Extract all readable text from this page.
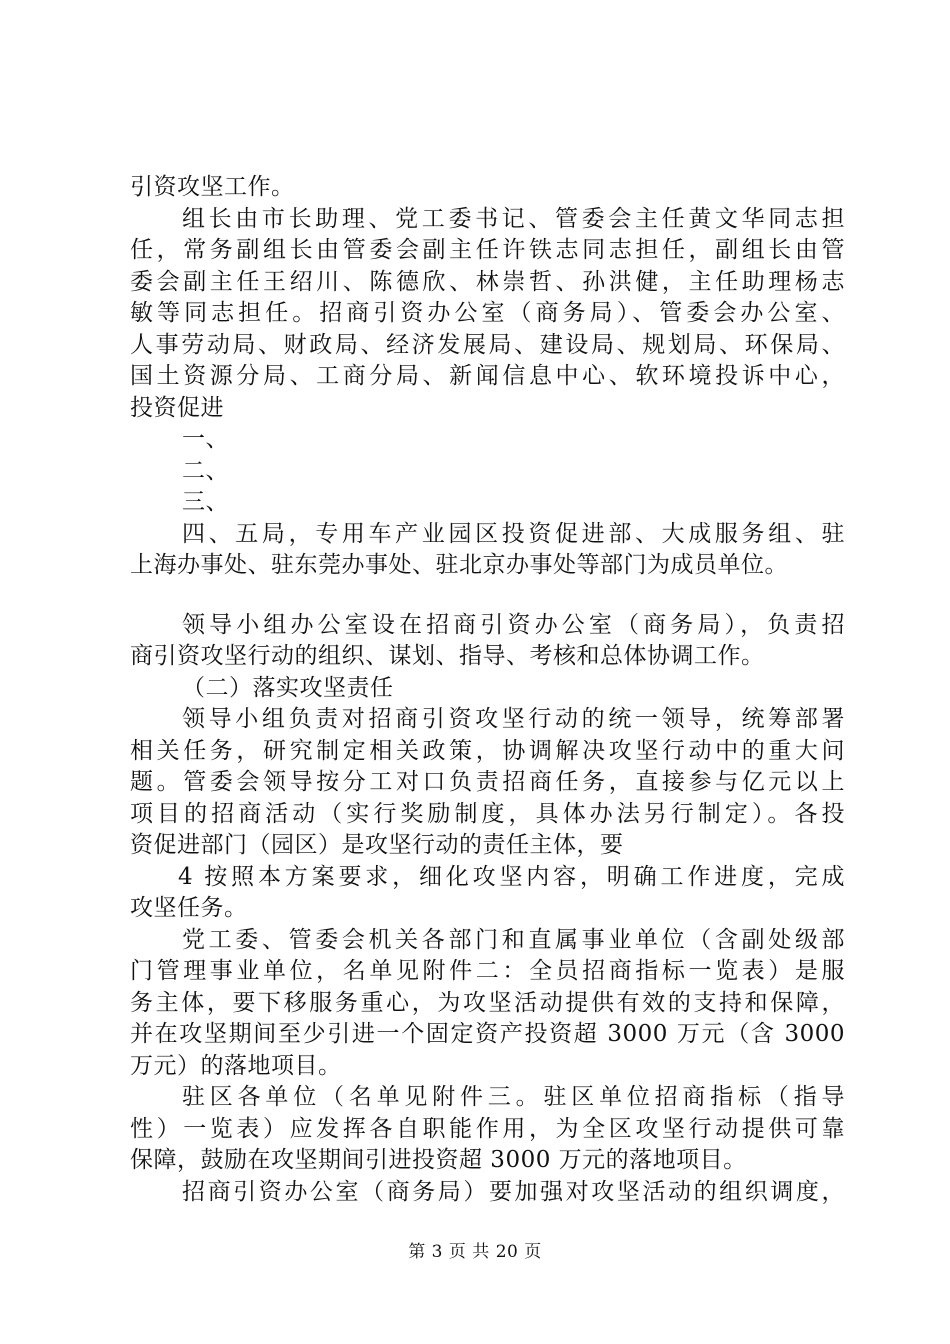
引资攻坚工作。
组长由市长助理、党工委书记、管委会主任黄文华同志担
任，常务副组长由管委会副主任许铁志同志担任，副组长由管
委会副主任王绍川、陈德欣、林崇哲、孙洪健，主任助理杨志
敏等同志担任。招商引资办公室（商务局）、管委会办公室、
人事劳动局、财政局、经济发展局、建设局、规划局、环保局、
国土资源分局、工商分局、新闻信息中心、软环境投诉中心，
投资促进
一、
二、
三、
四、五局，专用车产业园区投资促进部、大成服务组、驻
上海办事处、驻东莞办事处、驻北京办事处等部门为成员单位。
领导小组办公室设在招商引资办公室（商务局），负责招
商引资攻坚行动的组织、谋划、指导、考核和总体协调工作。
（二）落实攻坚责任
领导小组负责对招商引资攻坚行动的统一领导，统筹部署
相关任务，研究制定相关政策，协调解决攻坚行动中的重大问
题。管委会领导按分工对口负责招商任务，直接参与亿元以上
项目的招商活动（实行奖励制度，具体办法另行制定）。各投
资促进部门（园区）是攻坚行动的责任主体，要
4 按照本方案要求，细化攻坚内容，明确工作进度，完成
攻坚任务。
党工委、管委会机关各部门和直属事业单位（含副处级部
门管理事业单位，名单见附件二：全员招商指标一览表）是服
务主体，要下移服务重心，为攻坚活动提供有效的支持和保障，
并在攻坚期间至少引进一个固定资产投资超 3000 万元（含 3000
万元）的落地项目。
驻区各单位（名单见附件三。驻区单位招商指标（指导
性）一览表）应发挥各自职能作用，为全区攻坚行动提供可靠
保障，鼓励在攻坚期间引进投资超 3000 万元的落地项目。
招商引资办公室（商务局）要加强对攻坚活动的组织调度，
第 3 页 共 20 页
